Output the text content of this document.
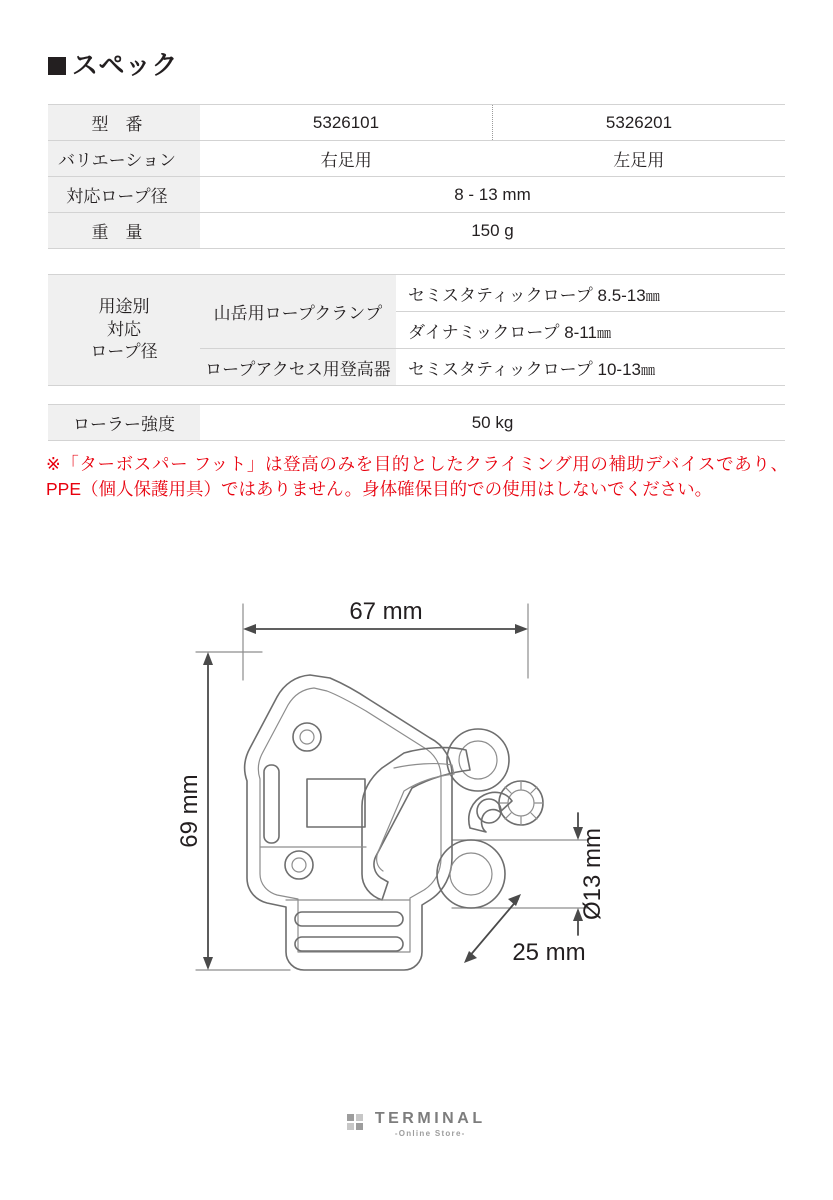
スペック
型　番	5326101	5326201
バリエーション	右足用	左足用
対応ロープ径	8 - 13 mm	
重　量	150 g	
用途別
対応
ロープ径	山岳用ロープクランプ	セミスタティックロープ 8.5-13㎜
		ダイナミックロープ 8-11㎜
	ロープアクセス用登高器	セミスタティックロープ 10-13㎜
ローラー強度	50 kg
※「ターボスパー フット」は登高のみを目的としたクライミング用の補助デバイスであり、PPE（個人保護用具）ではありません。身体確保目的での使用はしないでください。
67 mm
69 mm
Ø13 mm
25 mm
TERMINAL
-Online Store-
